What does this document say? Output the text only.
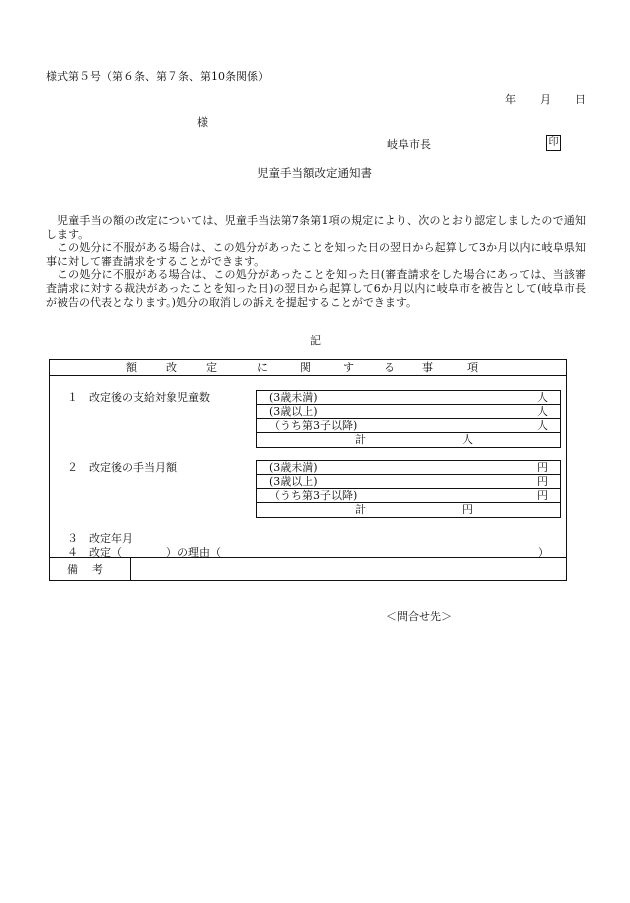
様式第５号（第６条、第７条、第10条関係）
年 月 日
様
岐阜市長	印
児童手当額改定通知書

児童手当の額の改定については、児童手当法第7条第1項の規定により、次のとおり認定しましたので通知します。

この処分に不服がある場合は、この処分があったことを知った日の翌日から起算して3か月以内に岐阜県知事に対して審査請求をすることができます。

この処分に不服がある場合は、この処分があったことを知った日(審査請求をした場合にあっては、当該審査請求に対する裁決があったことを知った日)の翌日から起算して6か月以内に岐阜市を被告として(岐阜市長が被告の代表となります。)処分の取消しの訴えを提起することができます。

記
額	改	定	に	関	す	る 事	項
１　改定後の支給対象児童数	(3歳未満)	人
(3歳以上)	人
（うち第3子以降)	人
計	人
２　改定後の手当月額	(3歳未満)	円
(3歳以上)	円
（うち第3子以降)	円
計	円
３　改定年月
４　改定（　　　　）の理由（	）
備 考
＜問合せ先＞
